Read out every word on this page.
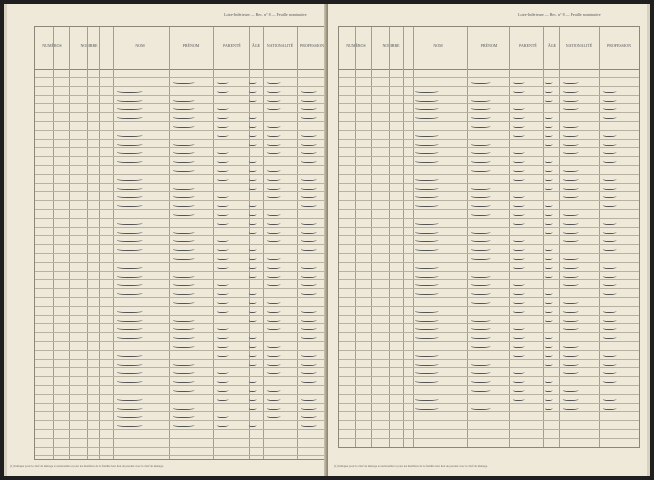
Loire-Inférieure — Rec. n° 8 — Feuille nominative
NUMÉROS	NOMBRE	NOM	PRÉNOM	PARENTÉ	ÂGE	NATIONALITÉ	PROFESSION
(1) Indiquer pour le chef de ménage sa nationalité et pour les membres de la famille leur lien de parenté avec le chef de ménage.
Loire-Inférieure — Rec. n° 8 — Feuille nominative
NUMÉROS	NOMBRE	NOM	PRÉNOM	PARENTÉ	ÂGE	NATIONALITÉ	PROFESSION
(1) Indiquer pour le chef de ménage sa nationalité et pour les membres de la famille leur lien de parenté avec le chef de ménage.
